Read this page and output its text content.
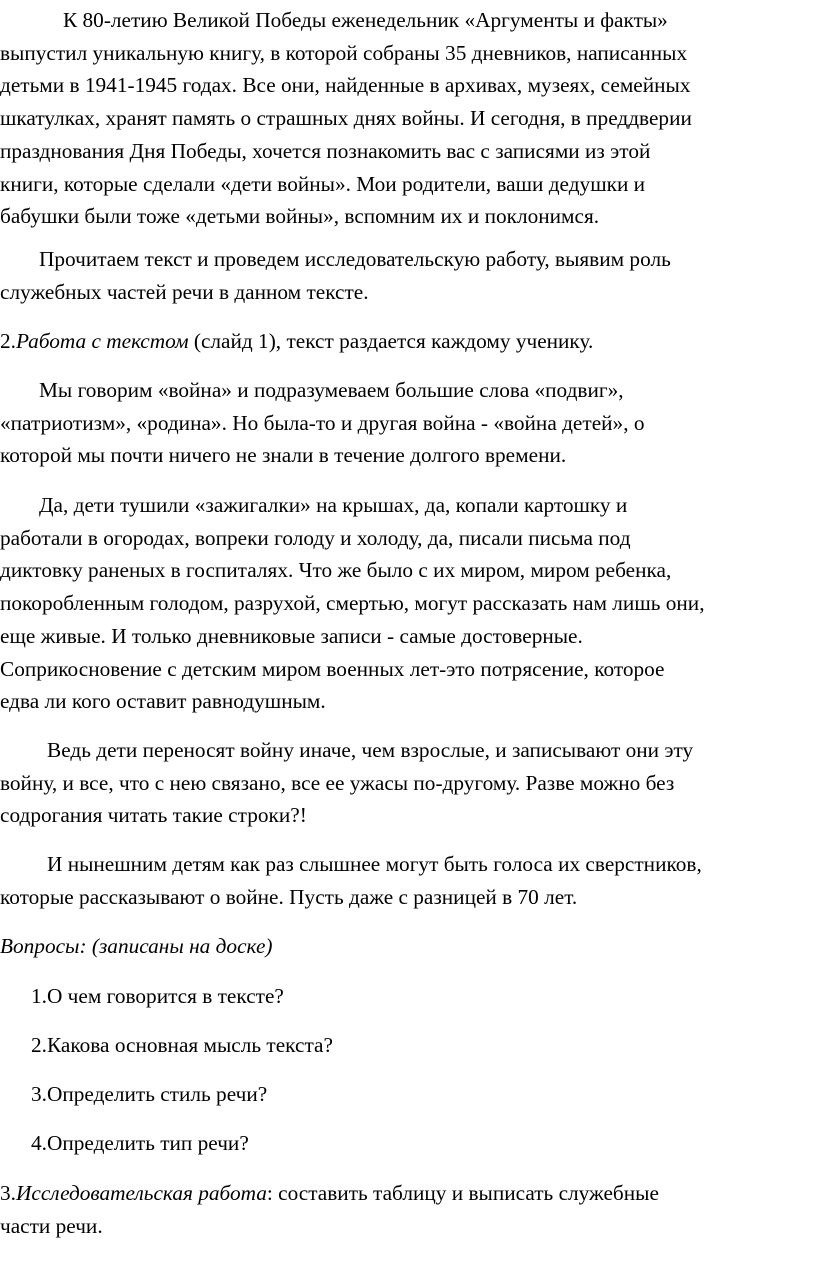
К 80-летию Великой Победы еженедельник «Аргументы и факты»
выпустил уникальную книгу, в которой собраны 35 дневников, написанных
детьми в 1941-1945 годах. Все они, найденные в архивах, музеях, семейных
шкатулках, хранят память о страшных днях войны. И сегодня, в преддверии
празднования Дня Победы, хочется познакомить вас с записями из этой
книги, которые сделали «дети войны». Мои родители, ваши дедушки и
бабушки были тоже «детьми войны», вспомним их и поклонимся.
Прочитаем текст и проведем исследовательскую работу, выявим роль
служебных частей речи в данном тексте.
2.Работа с текстом (слайд 1), текст раздается каждому ученику.
Мы говорим «война» и подразумеваем большие слова «подвиг»,
«патриотизм», «родина». Но была-то и другая война - «война детей», о
которой мы почти ничего не знали в течение долгого времени.
Да, дети тушили «зажигалки» на крышах, да, копали картошку и
работали в огородах, вопреки голоду и холоду, да, писали письма под
диктовку раненых в госпиталях. Что же было с их миром, миром ребенка,
покоробленным голодом, разрухой, смертью, могут рассказать нам лишь они,
еще живые. И только дневниковые записи - самые достоверные.
Соприкосновение с детским миром военных лет-это потрясение, которое
едва ли кого оставит равнодушным.
Ведь дети переносят войну иначе, чем взрослые, и записывают они эту
войну, и все, что с нею связано, все ее ужасы по-другому. Разве можно без
содрогания читать такие строки?!
И нынешним детям как раз слышнее могут быть голоса их сверстников,
которые рассказывают о войне. Пусть даже с разницей в 70 лет.
Вопросы: (записаны на доске)
1.О чем говорится в тексте?
2.Какова основная мысль текста?
3.Определить стиль речи?
4.Определить тип речи?
3.Исследовательская работа: составить таблицу и выписать служебные
части речи.
